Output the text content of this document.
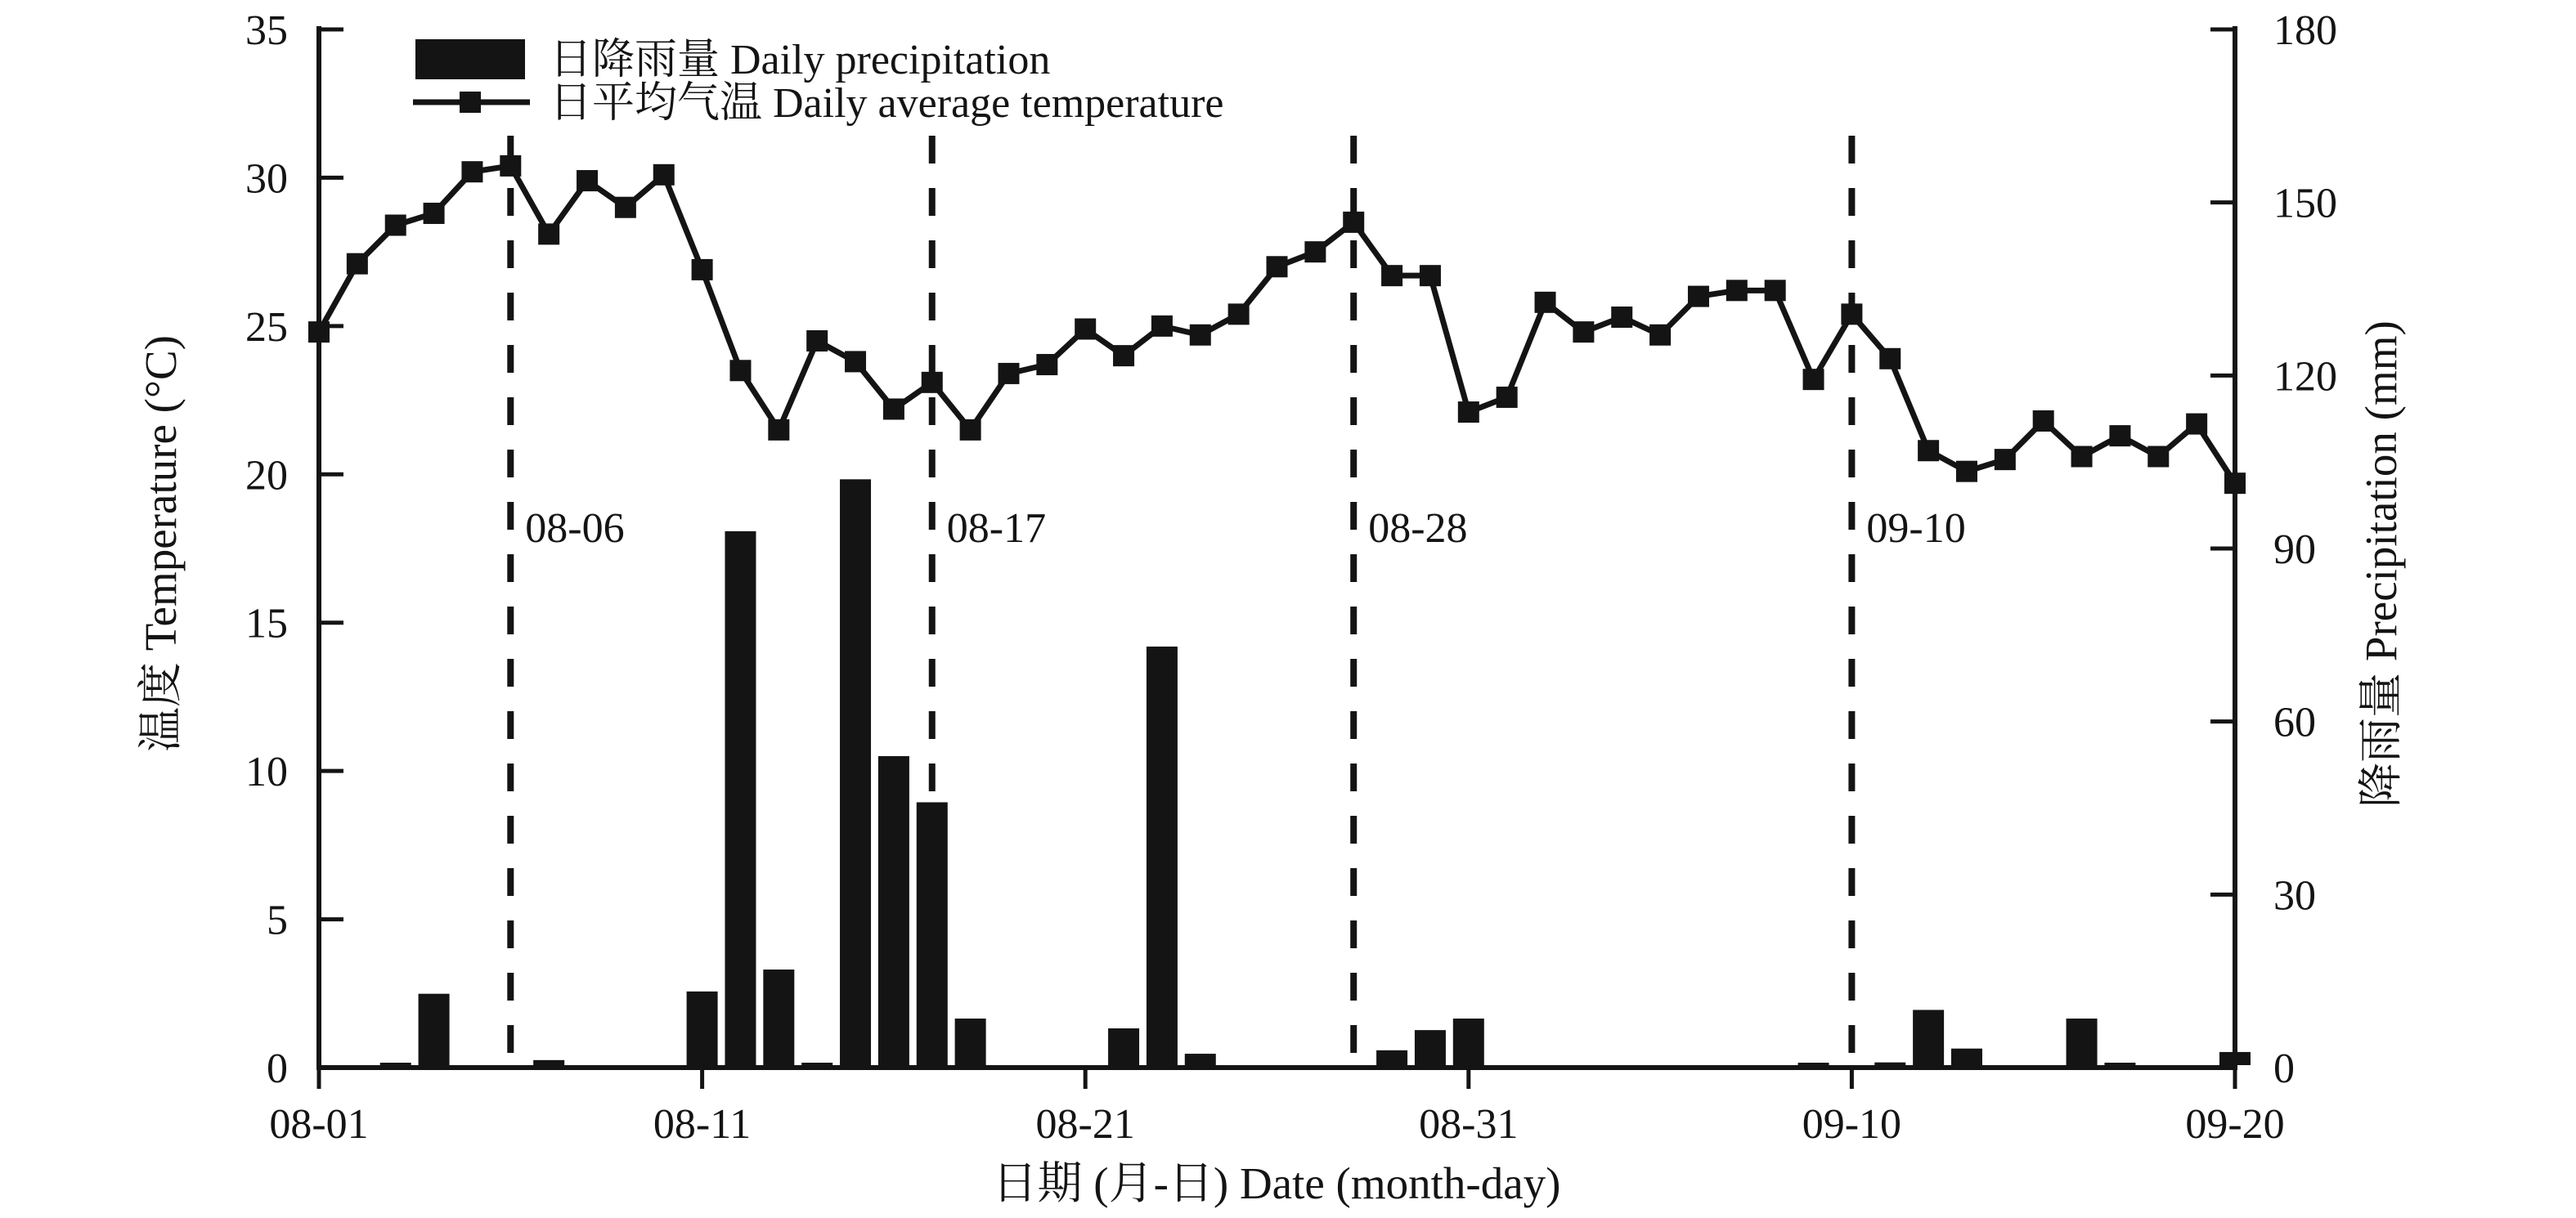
08-06	08-17	08-28	09-10
0
5
10
15
20
25
30
35
0
30
60
90
120
150
180
08-01	08-11	08-21	08-31	09-10	09-20
温度 Temperature (°C)	降雨量 Precipitation (mm)
日期 (月-日) Date (month-day)
日降雨量 Daily precipitation
日平均气温 Daily average temperature
